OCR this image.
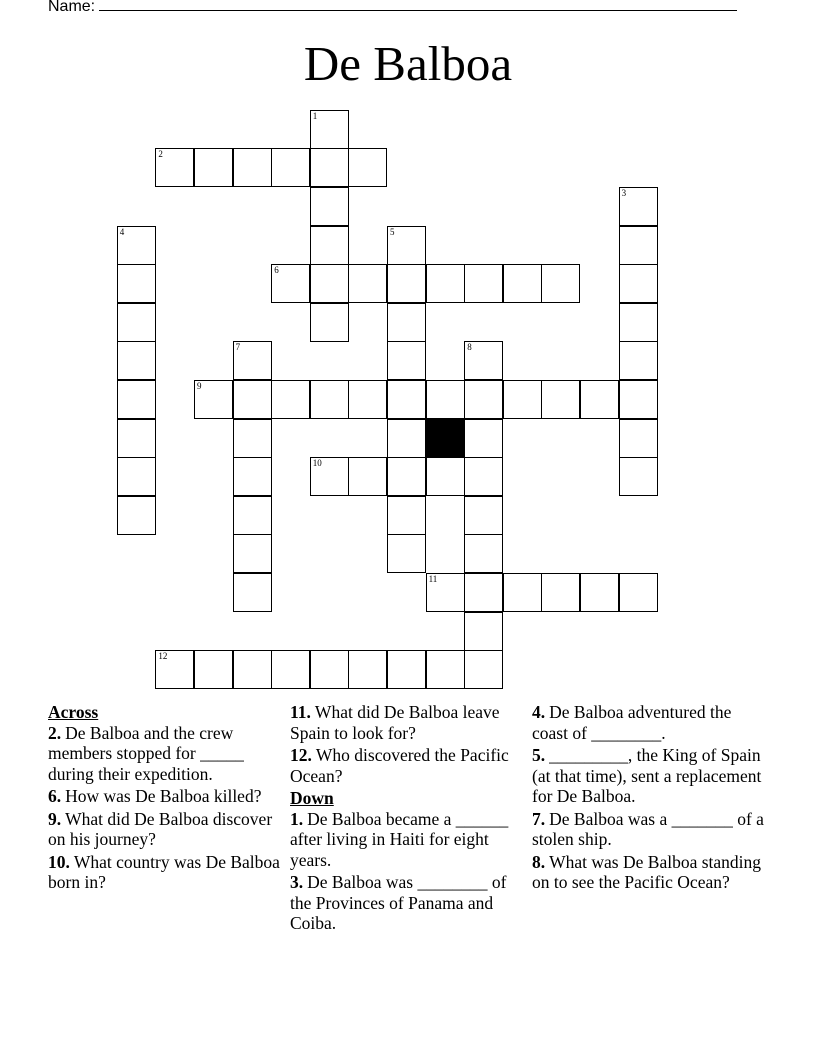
Name:
De Balboa
1
2
5
4
3
6
7	8
9
10
11
12
Across
2. De Balboa and the crew members stopped for _____ during their expedition.
6. How was De Balboa killed?
9. What did De Balboa discover on his journey?
10. What country was De Balboa born in?
11. What did De Balboa leave Spain to look for?
12. Who discovered the Pacific Ocean?
Down
1. De Balboa became a ______ after living in Haiti for eight years.
3. De Balboa was ________ of the Provinces of Panama and Coiba.
4. De Balboa adventured the coast of ________.
5. _________, the King of Spain (at that time), sent a replacement for De Balboa.
7. De Balboa was a _______ of a stolen ship.
8. What was De Balboa standing on to see the Pacific Ocean?
